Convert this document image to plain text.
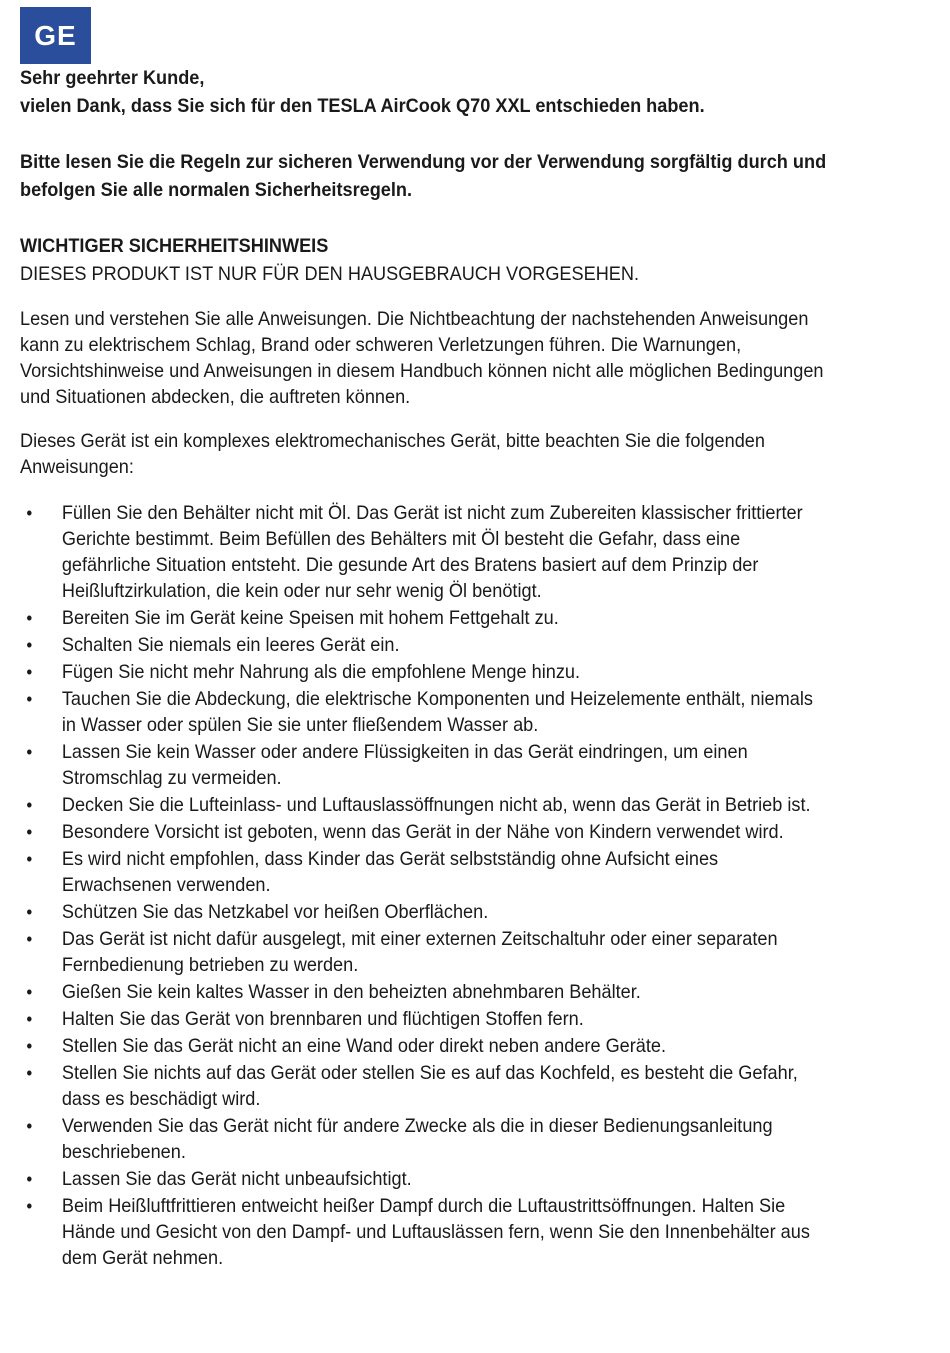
GE

Sehr geehrter Kunde,
vielen Dank, dass Sie sich für den TESLA AirCook Q70 XXL entschieden haben.

Bitte lesen Sie die Regeln zur sicheren Verwendung vor der Verwendung sorgfältig durch und befolgen Sie alle normalen Sicherheitsregeln.

WICHTIGER SICHERHEITSHINWEIS

DIESES PRODUKT IST NUR FÜR DEN HAUSGEBRAUCH VORGESEHEN.

Lesen und verstehen Sie alle Anweisungen. Die Nichtbeachtung der nachstehenden Anweisungen kann zu elektrischem Schlag, Brand oder schweren Verletzungen führen. Die Warnungen, Vorsichtshinweise und Anweisungen in diesem Handbuch können nicht alle möglichen Bedingungen und Situationen abdecken, die auftreten können.
Dieses Gerät ist ein komplexes elektromechanisches Gerät, bitte beachten Sie die folgenden Anweisungen:
•	Füllen Sie den Behälter nicht mit Öl. Das Gerät ist nicht zum Zubereiten klassischer frittierter Gerichte bestimmt. Beim Befüllen des Behälters mit Öl besteht die Gefahr, dass eine gefährliche Situation entsteht. Die gesunde Art des Bratens basiert auf dem Prinzip der Heißluftzirkulation, die kein oder nur sehr wenig Öl benötigt.
•	Bereiten Sie im Gerät keine Speisen mit hohem Fettgehalt zu.
•	Schalten Sie niemals ein leeres Gerät ein.
•	Fügen Sie nicht mehr Nahrung als die empfohlene Menge hinzu.
•	Tauchen Sie die Abdeckung, die elektrische Komponenten und Heizelemente enthält, niemals in Wasser oder spülen Sie sie unter fließendem Wasser ab.
•	Lassen Sie kein Wasser oder andere Flüssigkeiten in das Gerät eindringen, um einen Stromschlag zu vermeiden.
•	Decken Sie die Lufteinlass- und Luftauslassöffnungen nicht ab, wenn das Gerät in Betrieb ist.
•	Besondere Vorsicht ist geboten, wenn das Gerät in der Nähe von Kindern verwendet wird.
•	Es wird nicht empfohlen, dass Kinder das Gerät selbstständig ohne Aufsicht eines Erwachsenen verwenden.
•	Schützen Sie das Netzkabel vor heißen Oberflächen.
•	Das Gerät ist nicht dafür ausgelegt, mit einer externen Zeitschaltuhr oder einer separaten Fernbedienung betrieben zu werden.
•	Gießen Sie kein kaltes Wasser in den beheizten abnehmbaren Behälter.
•	Halten Sie das Gerät von brennbaren und flüchtigen Stoffen fern.
•	Stellen Sie das Gerät nicht an eine Wand oder direkt neben andere Geräte.
•	Stellen Sie nichts auf das Gerät oder stellen Sie es auf das Kochfeld, es besteht die Gefahr, dass es beschädigt wird.
•	Verwenden Sie das Gerät nicht für andere Zwecke als die in dieser Bedienungsanleitung beschriebenen.
•	Lassen Sie das Gerät nicht unbeaufsichtigt.
•	Beim Heißluftfrittieren entweicht heißer Dampf durch die Luftaustrittsöffnungen. Halten Sie Hände und Gesicht von den Dampf- und Luftauslässen fern, wenn Sie den Innenbehälter aus dem Gerät nehmen.
